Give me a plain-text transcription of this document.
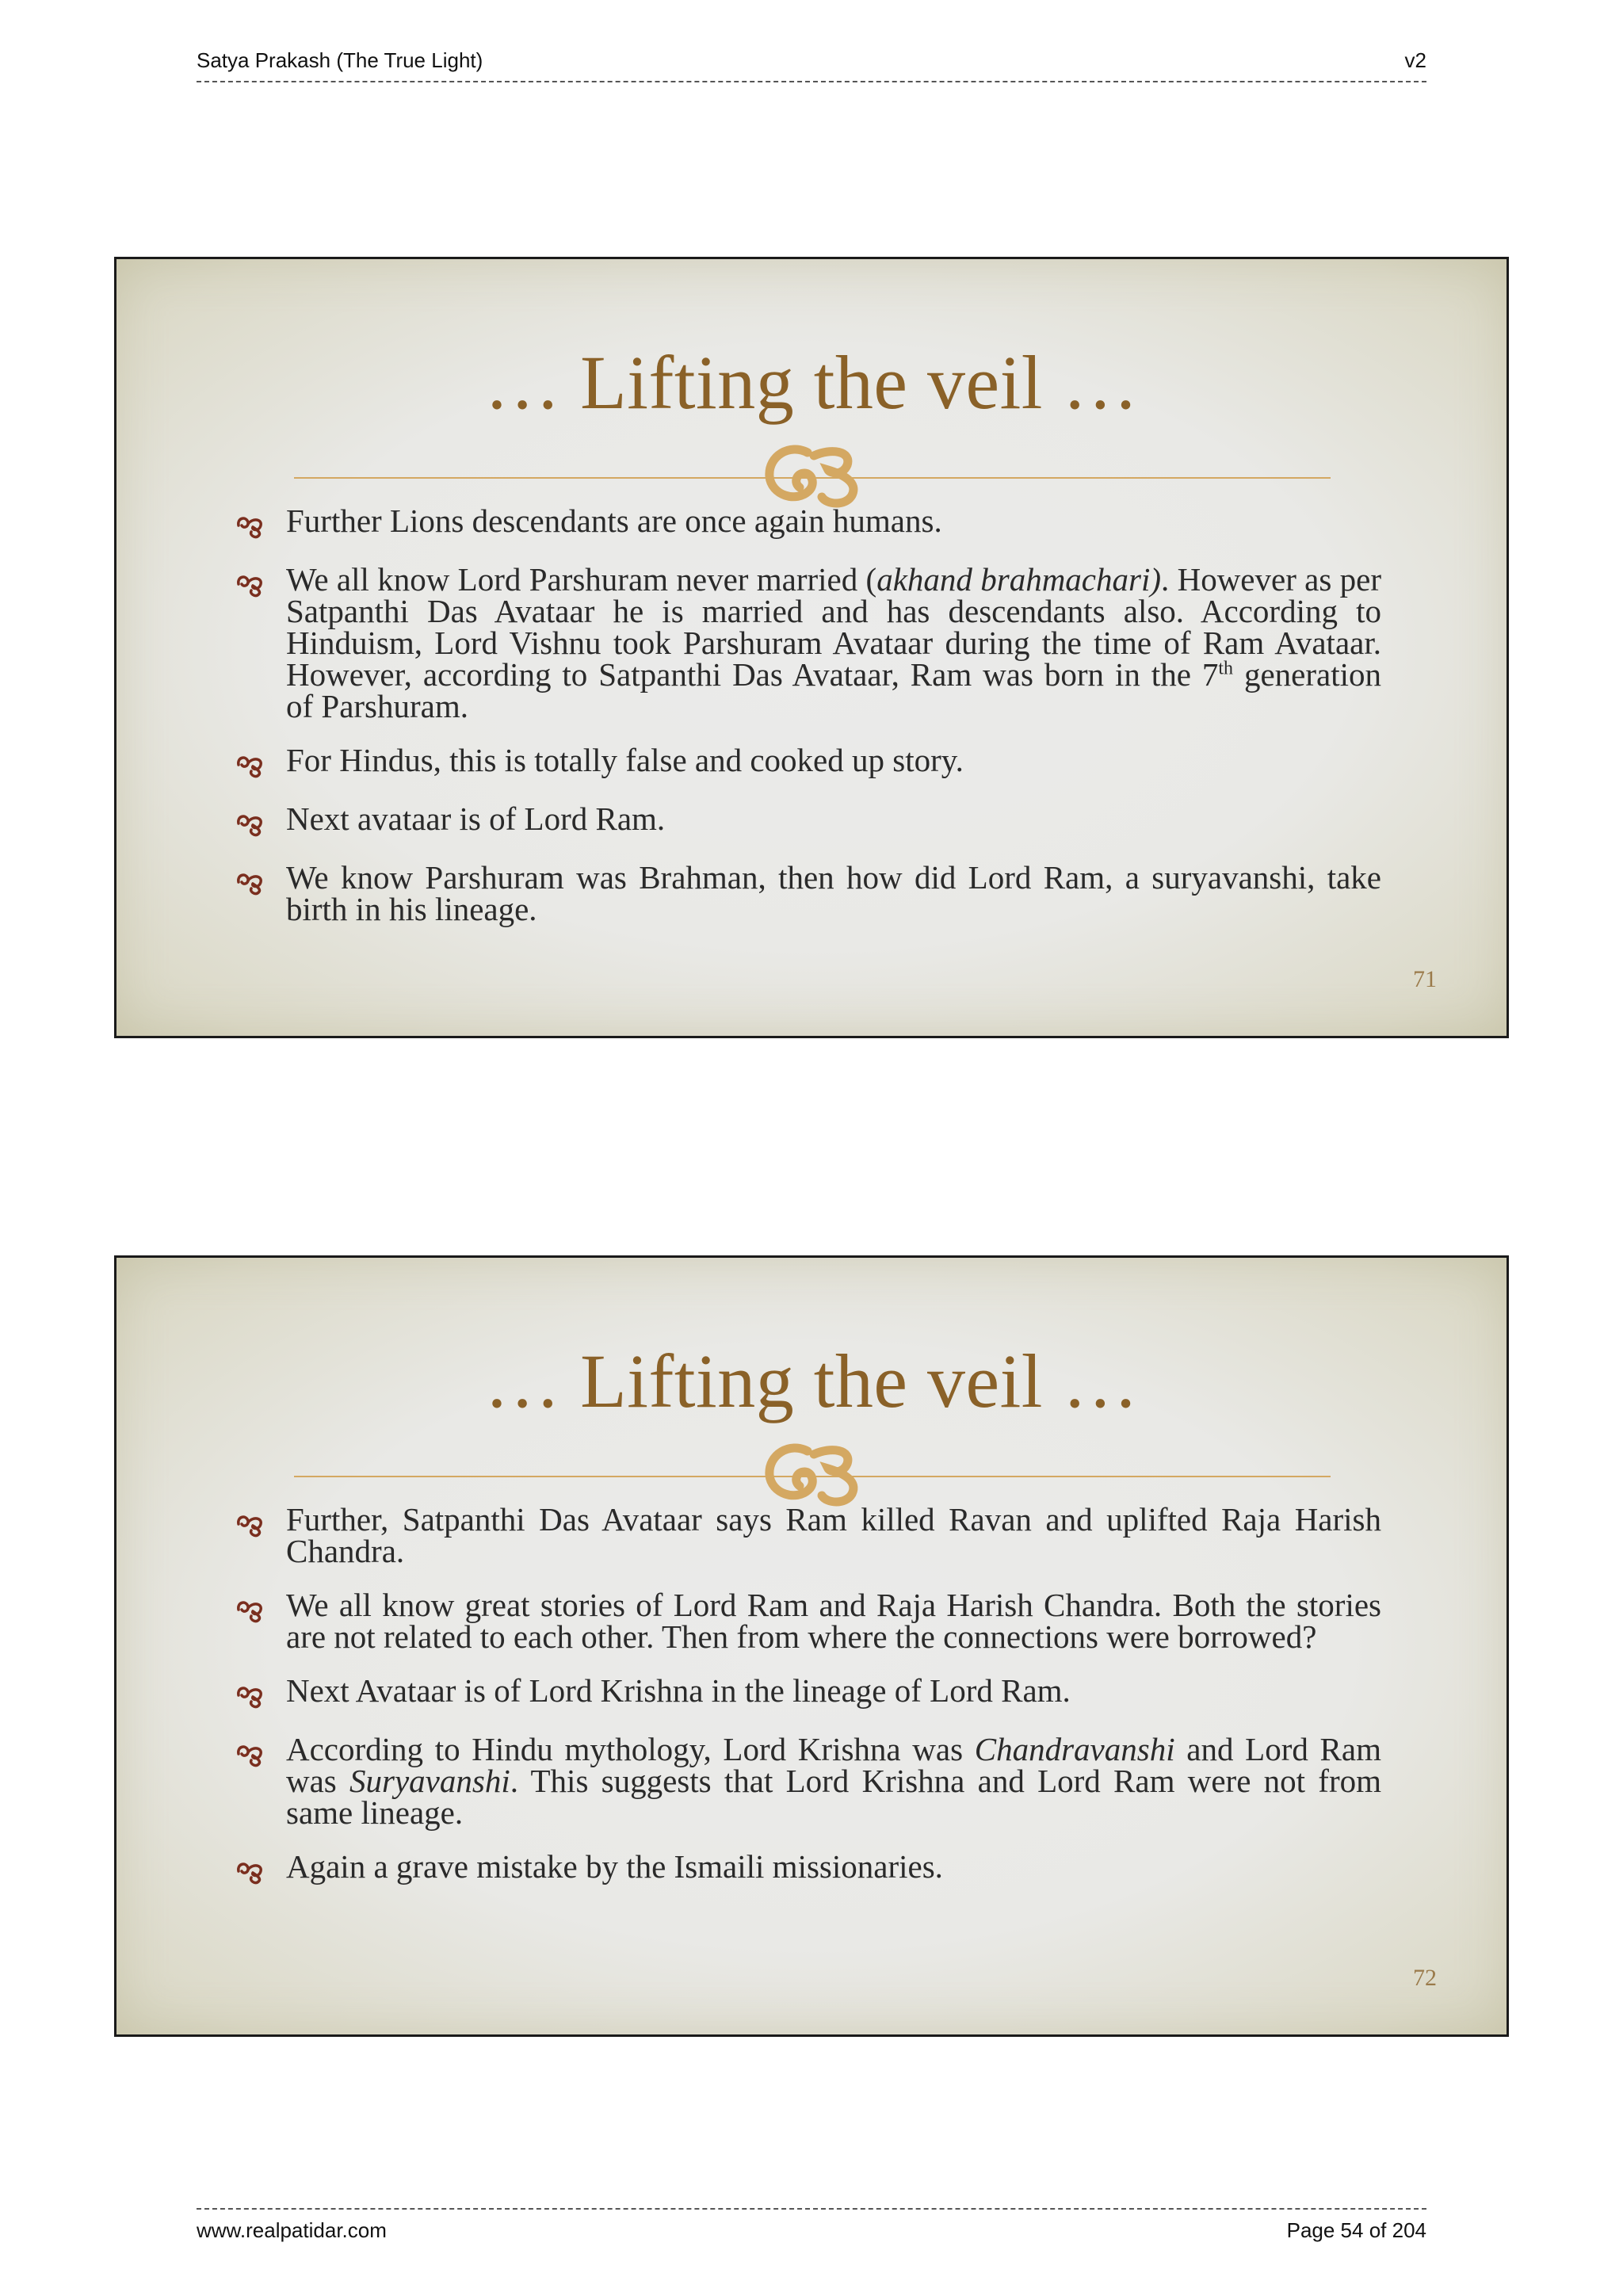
Satya Prakash (The True Light)	v2
… Lifting the veil …
Further Lions descendants are once again humans.
We all know Lord Parshuram never married (akhand brahmachari). However as per Satpanthi Das Avataar he is married and has descendants also. According to Hinduism, Lord Vishnu took Parshuram Avataar during the time of Ram Avataar. However, according to Satpanthi Das Avataar, Ram was born in the 7th generation of Parshuram.
For Hindus, this is totally false and cooked up story.
Next avataar is of Lord Ram.
We know Parshuram was Brahman, then how did Lord Ram, a suryavanshi, take birth in his lineage.
71
… Lifting the veil …
Further, Satpanthi Das Avataar says Ram killed Ravan and uplifted Raja Harish Chandra.
We all know great stories of Lord Ram and Raja Harish Chandra. Both the stories are not related to each other. Then from where the connections were borrowed?
Next Avataar is of Lord Krishna in the lineage of Lord Ram.
According to Hindu mythology, Lord Krishna was Chandravanshi and Lord Ram was Suryavanshi. This suggests that Lord Krishna and Lord Ram were not from same lineage.
Again a grave mistake by the Ismaili missionaries.
72
www.realpatidar.com	Page 54 of 204
